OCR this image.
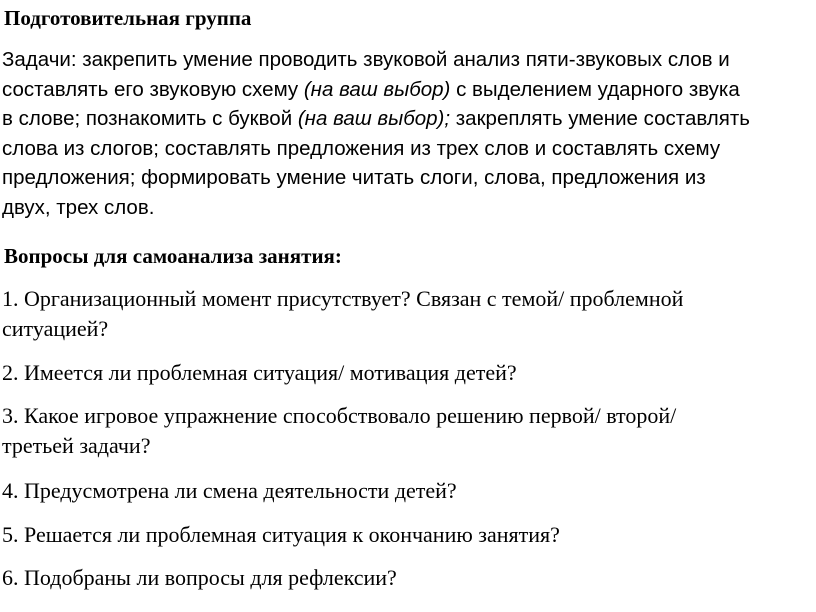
Подготовительная группа
Задачи: закрепить умение проводить звуковой анализ пяти-звуковых слов и
составлять его звуковую схему (на ваш выбор) с выделением ударного звука
в слове; познакомить с буквой (на ваш выбор); закреплять умение составлять
слова из слогов; составлять предложения из трех слов и составлять схему
предложения; формировать умение читать слоги, слова, предложения из
двух, трех слов.
Вопросы для самоанализа занятия:
1. Организационный момент присутствует? Связан с темой/ проблемной
ситуацией?
2. Имеется ли проблемная ситуация/ мотивация детей?
3. Какое игровое упражнение способствовало решению первой/ второй/
третьей задачи?
4. Предусмотрена ли смена деятельности детей?
5. Решается ли проблемная ситуация к окончанию занятия?
6. Подобраны ли вопросы для рефлексии?
